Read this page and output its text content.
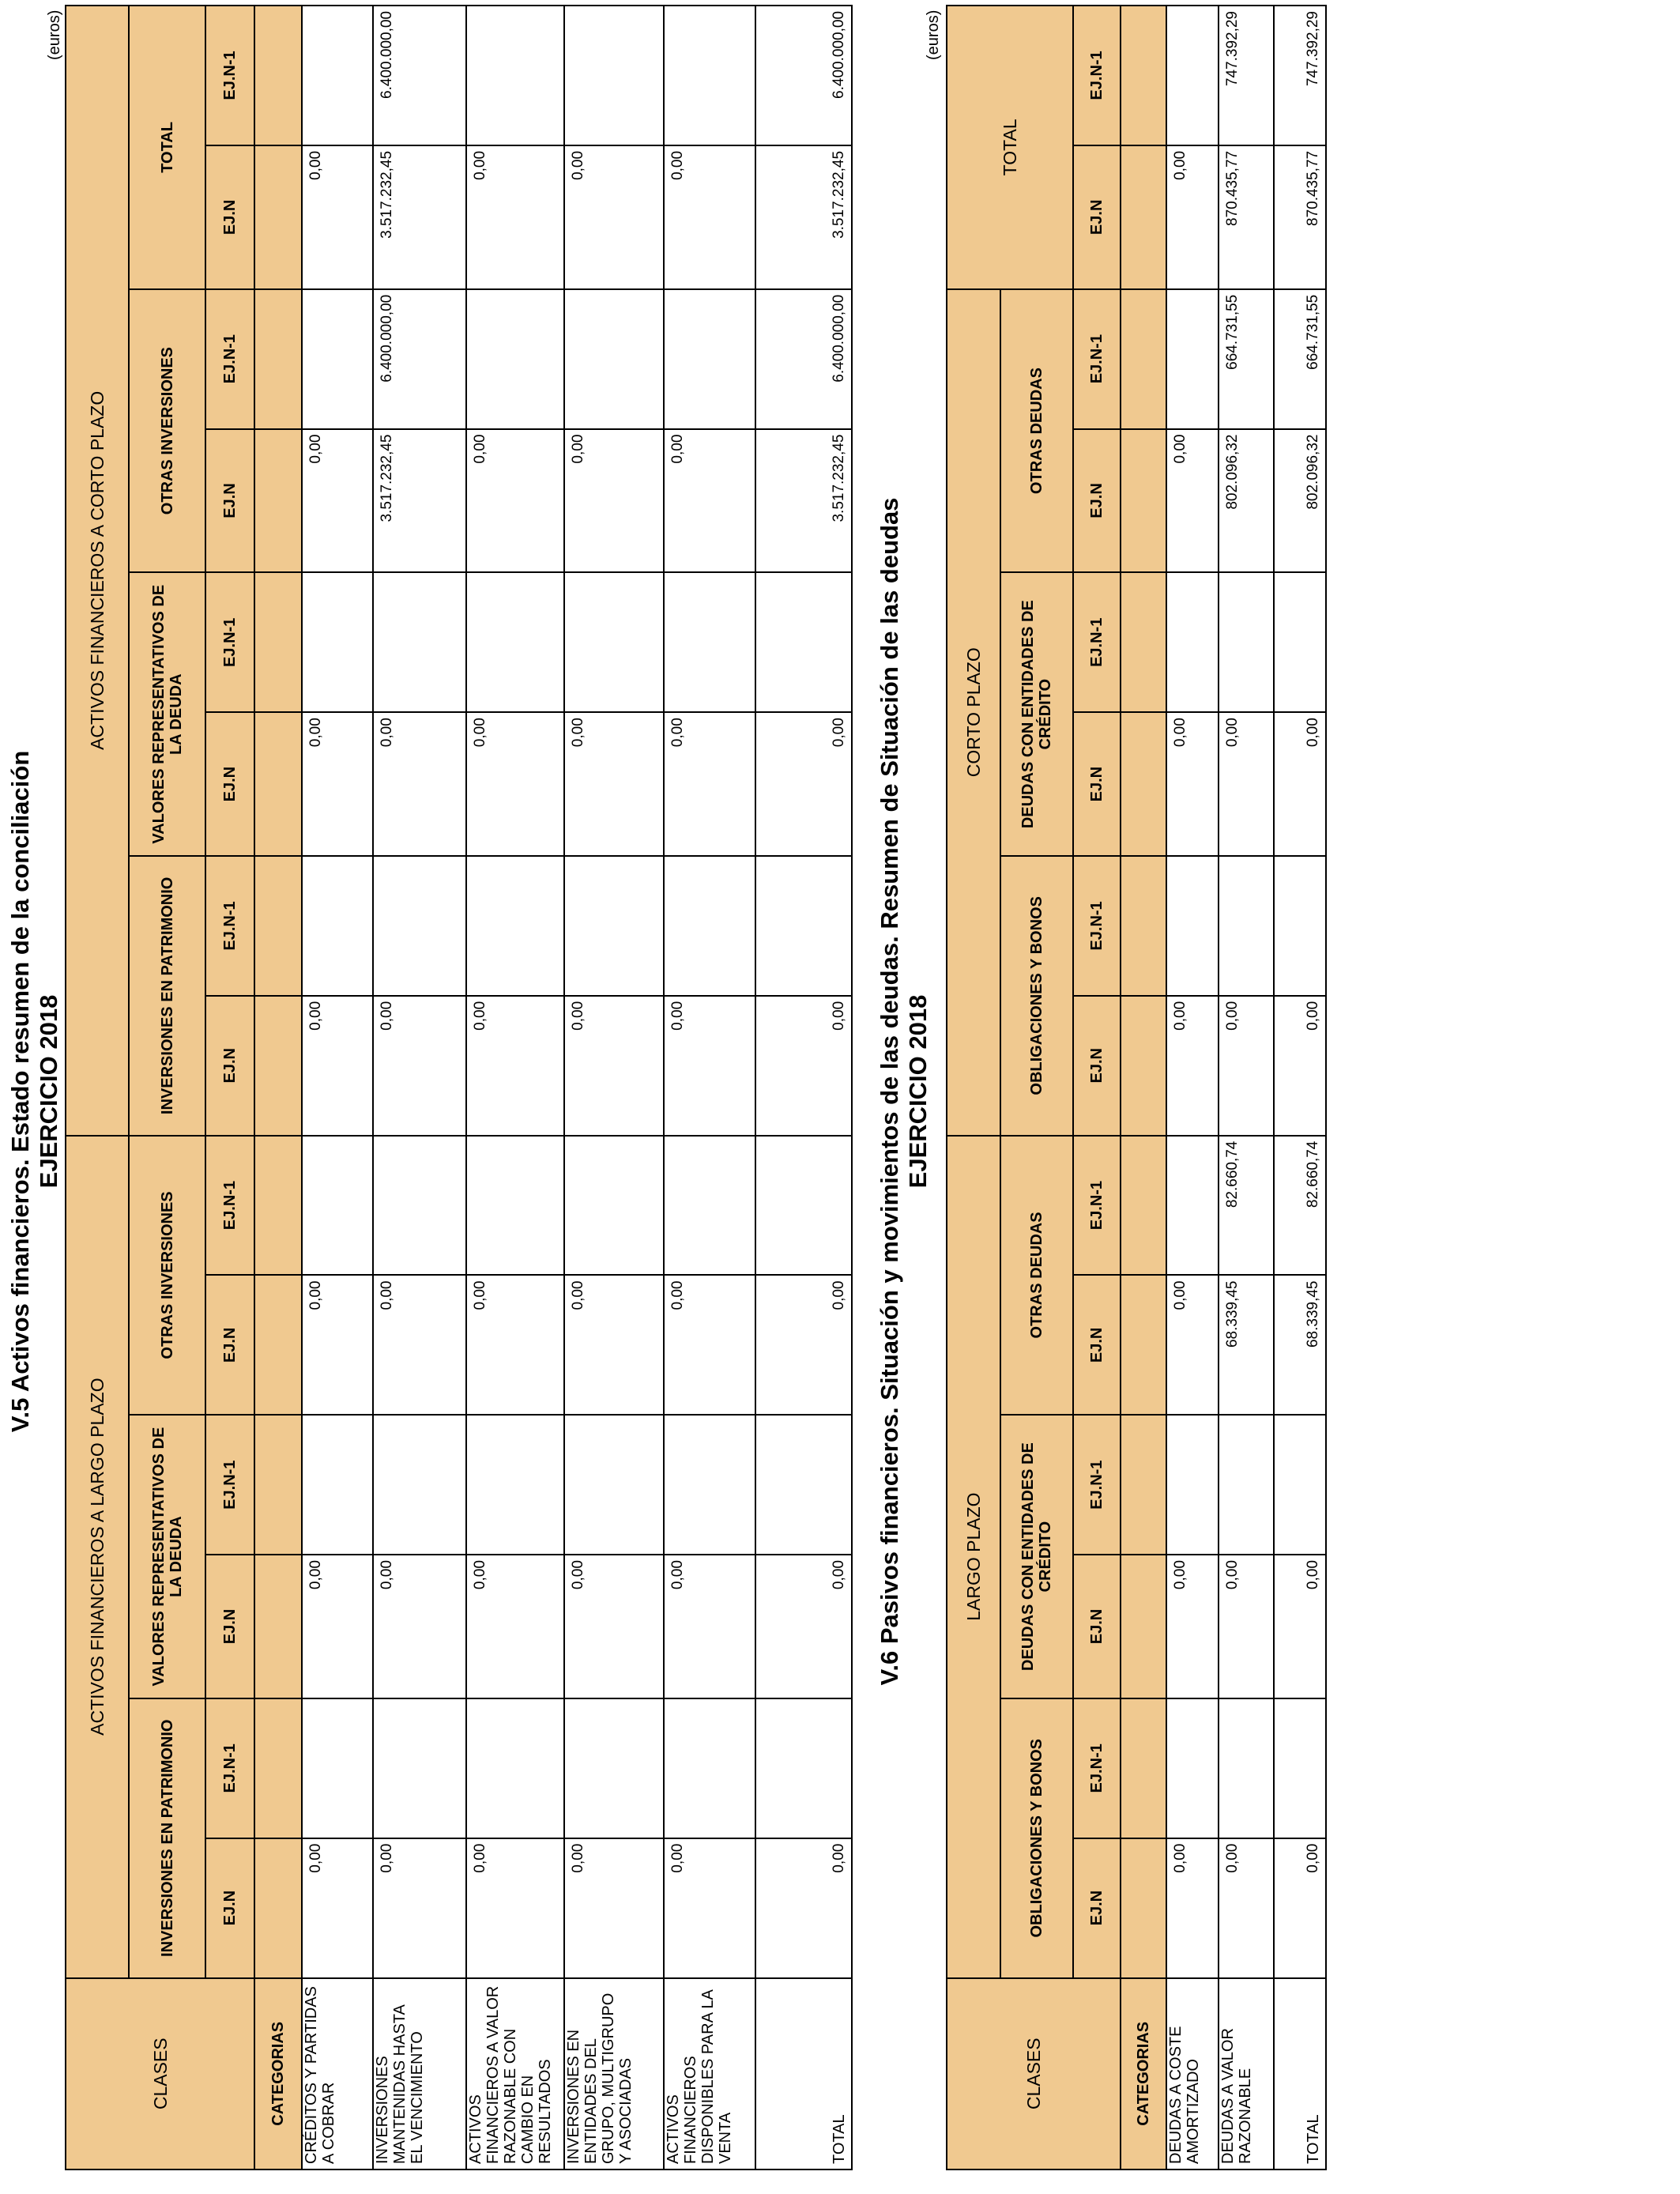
V.5 Activos financieros. Estado resumen de la conciliación EJERCICIO 2018
(euros)
CLASES	ACTIVOS FINANCIEROS A LARGO PLAZO						ACTIVOS FINANCIEROS A CORTO PLAZO							
	INVERSIONES EN PATRIMONIO		VALORES REPRESENTATIVOS DE LA DEUDA		OTRAS INVERSIONES		INVERSIONES EN PATRIMONIO		VALORES REPRESENTATIVOS DE LA DEUDA		OTRAS INVERSIONES		TOTAL	
	EJ.N	EJ.N-1	EJ.N	EJ.N-1	EJ.N	EJ.N-1	EJ.N	EJ.N-1	EJ.N	EJ.N-1	EJ.N	EJ.N-1	EJ.N	EJ.N-1
CATEGORIAS														
CRÉDITOS Y PARTIDAS A COBRAR	0,00		0,00		0,00		0,00		0,00		0,00		0,00	
INVERSIONES MANTENIDAS HASTA EL VENCIMIENTO	0,00		0,00		0,00		0,00		0,00		3.517.232,45	6.400.000,00	3.517.232,45	6.400.000,00
ACTIVOS FINANCIEROS A VALOR RAZONABLE CON CAMBIO EN RESULTADOS	0,00		0,00		0,00		0,00		0,00		0,00		0,00	
INVERSIONES EN ENTIDADES DEL GRUPO, MULTIGRUPO Y ASOCIADAS	0,00		0,00		0,00		0,00		0,00		0,00		0,00	
ACTIVOS FINANCIEROS DISPONIBLES PARA LA VENTA	0,00		0,00		0,00		0,00		0,00		0,00		0,00	
TOTAL	0,00		0,00		0,00		0,00		0,00		3.517.232,45	6.400.000,00	3.517.232,45	6.400.000,00
V.6 Pasivos financieros. Situación y movimientos de las deudas. Resumen de Situación de las deudas EJERCICIO 2018
(euros)
CLASES	LARGO PLAZO						CORTO PLAZO						TOTAL	
	OBLIGACIONES Y BONOS		DEUDAS CON ENTIDADES DE CRÉDITO		OTRAS DEUDAS		OBLIGACIONES Y BONOS		DEUDAS CON ENTIDADES DE CRÉDITO		OTRAS DEUDAS			
	EJ.N	EJ.N-1	EJ.N	EJ.N-1	EJ.N	EJ.N-1	EJ.N	EJ.N-1	EJ.N	EJ.N-1	EJ.N	EJ.N-1	EJ.N	EJ.N-1
CATEGORIAS														
DEUDAS A COSTE AMORTIZADO	0,00		0,00		0,00		0,00		0,00		0,00		0,00	
DEUDAS A VALOR RAZONABLE	0,00		0,00		68.339,45	82.660,74	0,00		0,00		802.096,32	664.731,55	870.435,77	747.392,29
TOTAL	0,00		0,00		68.339,45	82.660,74	0,00		0,00		802.096,32	664.731,55	870.435,77	747.392,29
